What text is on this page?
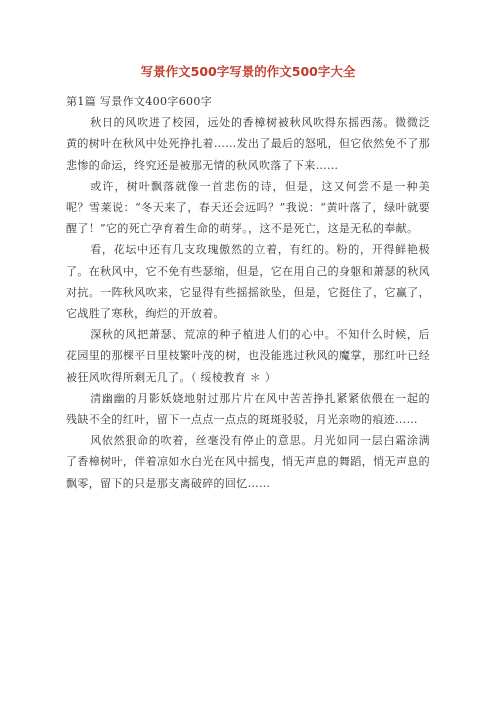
写景作文500字写景的作文500字大全

第1篇 写景作文400字600字

秋日的风吹进了校园，远处的香樟树被秋风吹得东摇西荡。微微泛黄的树叶在秋风中处死挣扎着……发出了最后的怒吼，但它依然免不了那悲惨的命运，终究还是被那无情的秋风吹落了下来……

或许，树叶飘落就像一首悲伤的诗，但是，这又何尝不是一种美呢？雪莱说：“冬天来了，春天还会远吗？”我说：“黄叶落了，绿叶就要醒了！”它的死亡孕育着生命的萌芽。，这不是死亡，这是无私的奉献。

看，花坛中还有几支玫瑰傲然的立着，有红的。粉的，开得鲜艳极了。在秋风中，它不免有些瑟缩，但是，它在用自己的身躯和萧瑟的秋风对抗。一阵秋风吹来，它显得有些摇摇欲坠，但是，它挺住了，它赢了，它战胜了寒秋，绚烂的开放着。

深秋的风把萧瑟、荒凉的种子植进人们的心中。不知什么时候，后花园里的那棵平日里枝繁叶茂的树，也没能逃过秋风的魔掌，那红叶已经被狂风吹得所剩无几了。（ 绥棱教育 ＊ ）

清幽幽的月影妖娆地射过那片片在风中苦苦挣扎紧紧依偎在一起的残缺不全的红叶，留下一点点一点点的斑斑驳驳，月光亲吻的痕迹……

风依然狠命的吹着，丝毫没有停止的意思。月光如同一层白霜涂满了香樟树叶，伴着凉如水白光在风中摇曳，悄无声息的舞蹈，悄无声息的飘零，留下的只是那支离破碎的回忆……
